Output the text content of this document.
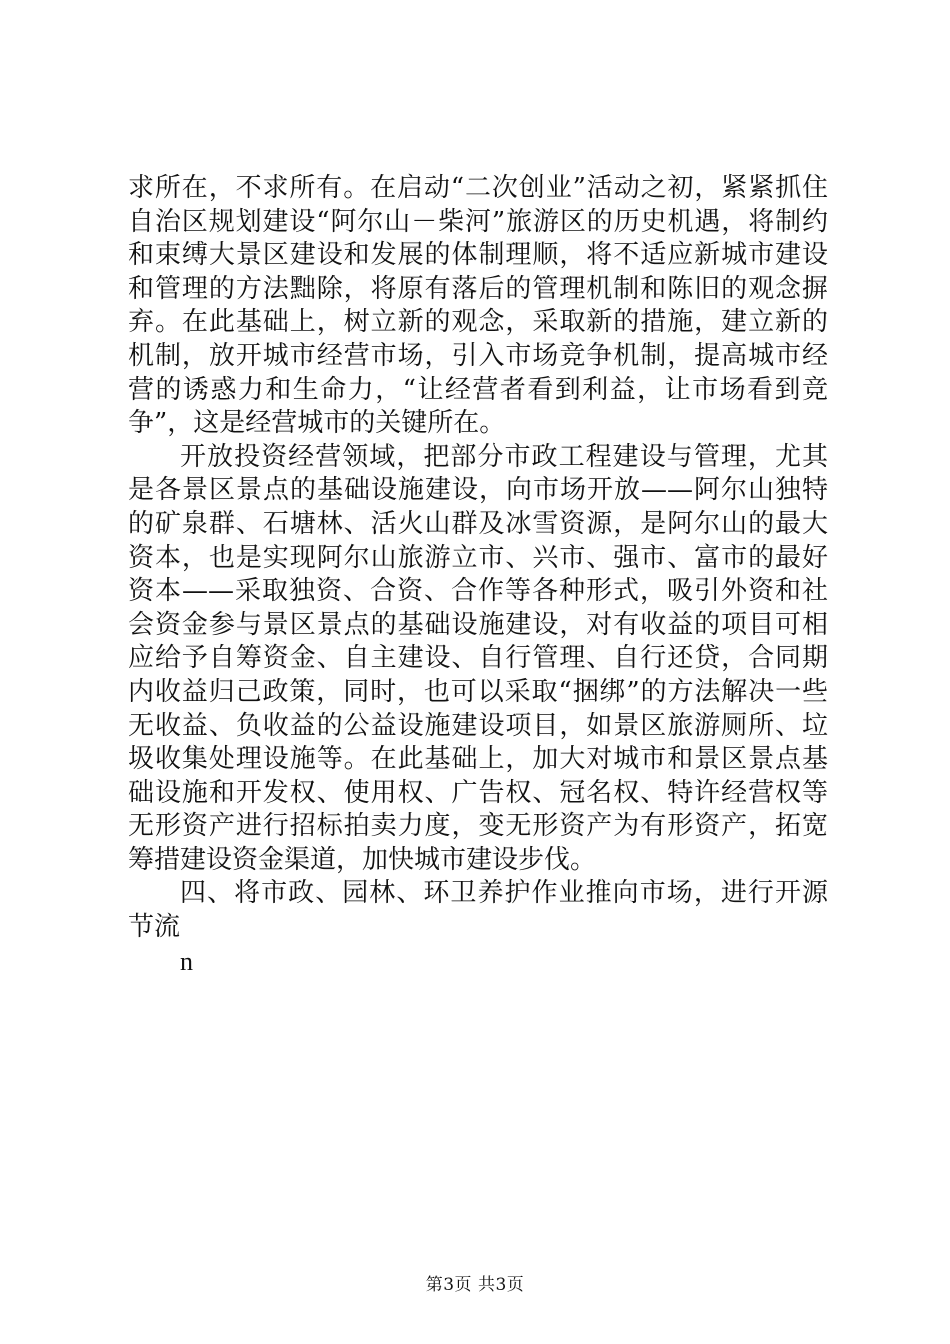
求所在，不求所有。在启动“二次创业”活动之初，紧紧抓住自治区规划建设“阿尔山－柴河”旅游区的历史机遇，将制约和束缚大景区建设和发展的体制理顺，将不适应新城市建设和管理的方法黜除，将原有落后的管理机制和陈旧的观念摒弃。在此基础上，树立新的观念，采取新的措施，建立新的机制，放开城市经营市场，引入市场竞争机制，提高城市经营的诱惑力和生命力，“让经营者看到利益，让市场看到竞争”，这是经营城市的关键所在。

开放投资经营领域，把部分市政工程建设与管理，尤其是各景区景点的基础设施建设，向市场开放——阿尔山独特的矿泉群、石塘林、活火山群及冰雪资源，是阿尔山的最大资本，也是实现阿尔山旅游立市、兴市、强市、富市的最好资本——采取独资、合资、合作等各种形式，吸引外资和社会资金参与景区景点的基础设施建设，对有收益的项目可相应给予自筹资金、自主建设、自行管理、自行还贷，合同期内收益归己政策，同时，也可以采取“捆绑”的方法解决一些无收益、负收益的公益设施建设项目，如景区旅游厕所、垃圾收集处理设施等。在此基础上，加大对城市和景区景点基础设施和开发权、使用权、广告权、冠名权、特许经营权等无形资产进行招标拍卖力度，变无形资产为有形资产，拓宽筹措建设资金渠道，加快城市建设步伐。

四、将市政、园林、环卫养护作业推向市场，进行开源节流

n

第3页 共3页
